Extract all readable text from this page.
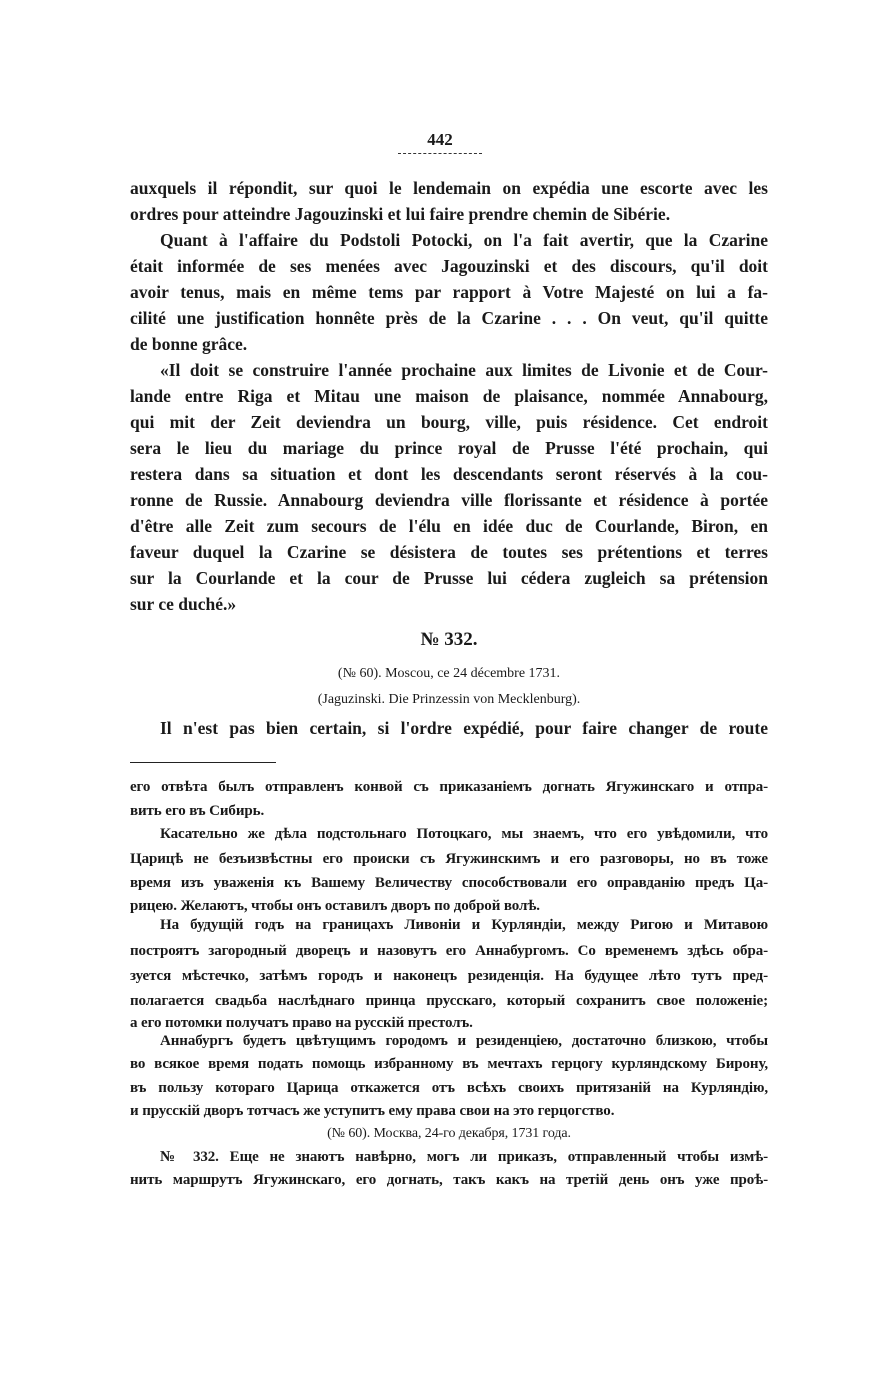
442
auxquels il répondit, sur quoi le lendemain on expédia une escorte avec les
ordres pour atteindre Jagouzinski et lui faire prendre chemin de Sibérie.
Quant à l'affaire du Podstoli Potocki, on l'a fait avertir, que la Czarine
était informée de ses menées avec Jagouzinski et des discours, qu'il doit
avoir tenus, mais en même tems par rapport à Votre Majesté on lui a fa-
cilité une justification honnête près de la Czarine . . . On veut, qu'il quitte
de bonne grâce.
«Il doit se construire l'année prochaine aux limites de Livonie et de Cour-
lande entre Riga et Mitau une maison de plaisance, nommée Annabourg,
qui mit der Zeit deviendra un bourg, ville, puis résidence. Cet endroit
sera le lieu du mariage du prince royal de Prusse l'été prochain, qui
restera dans sa situation et dont les descendants seront réservés à la cou-
ronne de Russie. Annabourg deviendra ville florissante et résidence à portée
d'être alle Zeit zum secours de l'élu en idée duc de Courlande, Biron, en
faveur duquel la Czarine se désistera de toutes ses prétentions et terres
sur la Courlande et la cour de Prusse lui cédera zugleich sa prétension
sur ce duché.»
№ 332.
(№ 60). Moscou, ce 24 décembre 1731.
(Jaguzinski. Die Prinzessin von Mecklenburg).
Il n'est pas bien certain, si l'ordre expédié, pour faire changer de route
его отвѣта былъ отправленъ конвой съ приказаніемъ догнать Ягужинскаго и отпра-
вить его въ Сибирь.
Касательно же дѣла подстольнаго Потоцкаго, мы знаемъ, что его увѣдомили, что
Царицѣ не безъизвѣстны его происки съ Ягужинскимъ и его разговоры, но въ тоже
время изъ уваженія къ Вашему Величеству способствовали его оправданію предъ Ца-
рицею. Желаютъ, чтобы онъ оставилъ дворъ по доброй волѣ.
На будущій годъ на границахъ Ливоніи и Курляндіи, между Ригою и Митавою
построятъ загородный дворецъ и назовутъ его Аннабургомъ. Со временемъ здѣсь обра-
зуется мѣстечко, затѣмъ городъ и наконецъ резиденція. На будущее лѣто тутъ пред-
полагается свадьба наслѣднаго принца прусскаго, который сохранитъ свое положеніе;
а его потомки получатъ право на русскій престолъ.
Аннабургъ будетъ цвѣтущимъ городомъ и резиденціею, достаточно близкою, чтобы
во всякое время подать помощь избранному въ мечтахъ герцогу курляндскому Бирону,
въ пользу котораго Царица откажется отъ всѣхъ своихъ притязаній на Курляндію,
и прусскій дворъ тотчасъ же уступитъ ему права свои на это герцогство.
(№ 60). Москва, 24-го декабря, 1731 года.
№ 332. Еще не знаютъ навѣрно, могъ ли приказъ, отправленный чтобы измѣ-
нить маршрутъ Ягужинскаго, его догнать, такъ какъ на третій день онъ уже проѣ-
